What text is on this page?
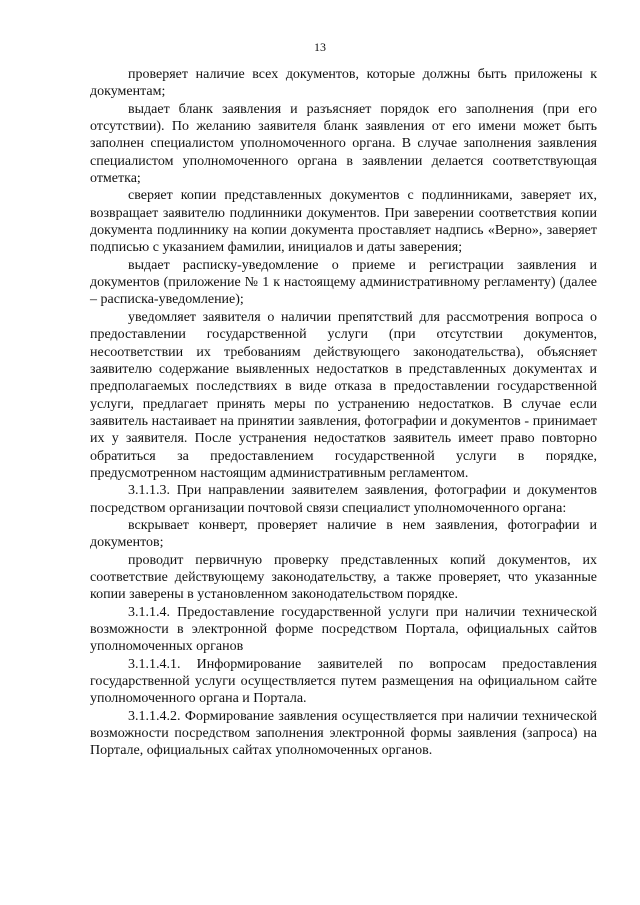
13

проверяет наличие всех документов, которые должны быть приложены к документам;

выдает бланк заявления и разъясняет порядок его заполнения (при его отсутствии). По желанию заявителя бланк заявления от его имени может быть заполнен специалистом уполномоченного органа. В случае заполнения заявления специалистом уполномоченного органа в заявлении делается соответствующая отметка;

сверяет копии представленных документов с подлинниками, заверяет их, возвращает заявителю подлинники документов. При заверении соответствия копии документа подлиннику на копии документа проставляет надпись «Верно», заверяет подписью с указанием фамилии, инициалов и даты заверения;

выдает расписку-уведомление о приеме и регистрации заявления и документов (приложение № 1 к настоящему административному регламенту) (далее – расписка-уведомление);

уведомляет заявителя о наличии препятствий для рассмотрения вопроса о предоставлении государственной услуги (при отсутствии документов, несоответствии их требованиям действующего законодательства), объясняет заявителю содержание выявленных недостатков в представленных документах и предполагаемых последствиях в виде отказа в предоставлении государственной услуги, предлагает принять меры по устранению недостатков. В случае если заявитель настаивает на принятии заявления, фотографии и документов - принимает их у заявителя. После устранения недостатков заявитель имеет право повторно обратиться за предоставлением государственной услуги в порядке, предусмотренном настоящим административным регламентом.

3.1.1.3. При направлении заявителем заявления, фотографии и документов посредством организации почтовой связи специалист уполномоченного органа:

вскрывает конверт, проверяет наличие в нем заявления, фотографии и документов;

проводит первичную проверку представленных копий документов, их соответствие действующему законодательству, а также проверяет, что указанные копии заверены в установленном законодательством порядке.

3.1.1.4. Предоставление государственной услуги при наличии технической возможности в электронной форме посредством Портала, официальных сайтов уполномоченных органов

3.1.1.4.1. Информирование заявителей по вопросам предоставления государственной услуги осуществляется путем размещения на официальном сайте уполномоченного органа и Портала.

3.1.1.4.2. Формирование заявления осуществляется при наличии технической возможности посредством заполнения электронной формы заявления (запроса) на Портале, официальных сайтах уполномоченных органов.
